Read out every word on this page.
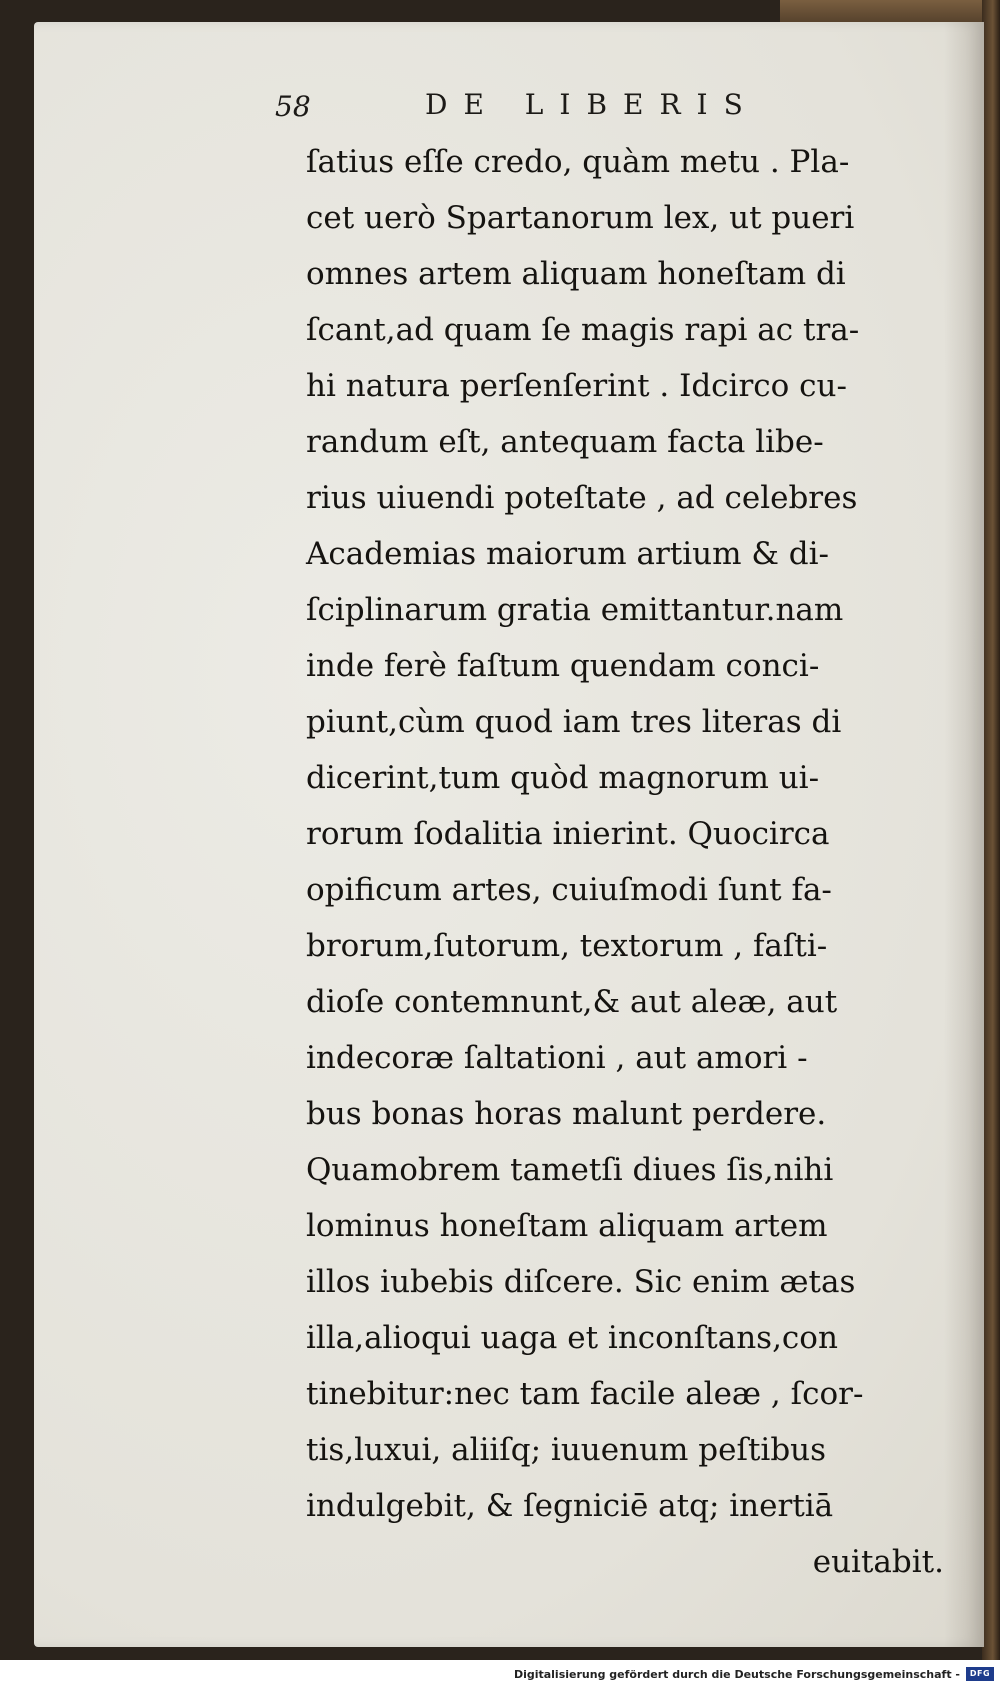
58	DE LIBERIS
ſatius eſſe credo, quàm metu . Pla-
cet uerò Spartanorum lex, ut pueri
omnes artem aliquam honeſtam di
ſcant,ad quam ſe magis rapi ac tra-
hi natura perſenſerint . Idcirco cu-
randum eſt, antequam facta libe-
rius uiuendi poteſtate , ad celebres
Academias maiorum artium & di-
ſciplinarum gratia emittantur.nam
inde ferè faſtum quendam conci-
piunt,cùm quod iam tres literas di
dicerint,tum quòd magnorum ui-
rorum ſodalitia inierint. Quocirca
opificum artes, cuiuſmodi ſunt fa-
brorum,ſutorum, textorum , faſti-
dioſe contemnunt,& aut aleæ, aut
indecoræ ſaltationi , aut amori -
bus bonas horas malunt perdere.
Quamobrem tametſi diues ſis,nihi
lominus honeſtam aliquam artem
illos iubebis diſcere. Sic enim ætas
illa,alioqui uaga et inconſtans,con
tinebitur:nec tam facile aleæ , ſcor-
tis,luxui, aliiſq; iuuenum peſtibus
indulgebit, & ſegniciē atq; inertiā
euitabit.
Digitalisierung gefördert durch die Deutsche Forschungsgemeinschaft -	DFG
